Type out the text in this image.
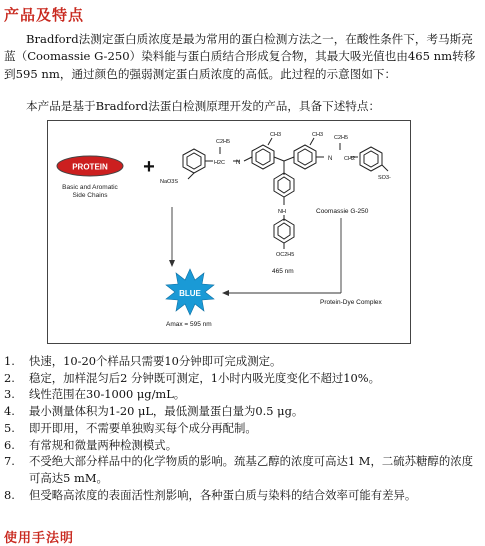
产品及特点
Bradford法测定蛋白质浓度是最为常用的蛋白检测方法之一，在酸性条件下，考马斯亮蓝（Coomassie G-250）染料能与蛋白质结合形成复合物，其最大吸光值也由465 nm转移到595 nm，通过颜色的强弱测定蛋白质浓度的高低。此过程的示意图如下：
本产品是基于Bradford法蛋白检测原理开发的产品，具备下述特点：
PROTEIN
Basic and Aromatic
Side Chains
+
C2H5
CH3	CH3 C2H5
H2C N
N CH2
NaO3S
SO3-
NH
OC2H5
Coomassie G-250
465 nm
Protein-Dye Complex
BLUE
Amax = 595 nm
1. 快速，10-20个样品只需要10分钟即可完成测定。
2. 稳定，加样混匀后2 分钟既可测定，1小时内吸光度变化不超过10%。
3. 线性范围在30-1000 μg/mL。
4. 最小测量体积为1-20 μL，最低测量蛋白量为0.5 μg。
5. 即开即用，不需要单独购买每个成分再配制。
6. 有常规和微量两种检测模式。
7. 不受绝大部分样品中的化学物质的影响。巯基乙醇的浓度可高达1 M，二硫苏糖醇的浓度可高达5 mM。
8. 但受略高浓度的表面活性剂影响，各种蛋白质与染料的结合效率可能有差异。
使用手法明
